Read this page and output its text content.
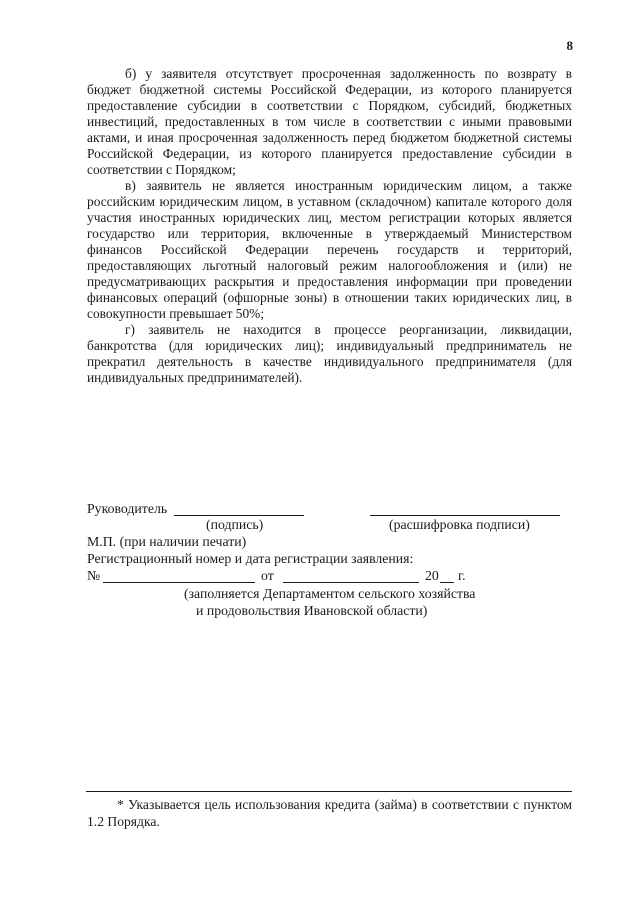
8

б) у заявителя отсутствует просроченная задолженность по возврату в бюджет бюджетной системы Российской Федерации, из которого планируется предоставление субсидии в соответствии с Порядком, субсидий, бюджетных инвестиций, предоставленных в том числе в соответствии с иными правовыми актами, и иная просроченная задолженность перед бюджетом бюджетной системы Российской Федерации, из которого планируется предоставление субсидии в соответствии с Порядком;

в) заявитель не является иностранным юридическим лицом, а также российским юридическим лицом, в уставном (складочном) капитале которого доля участия иностранных юридических лиц, местом регистрации которых является государство или территория, включенные в утверждаемый Министерством финансов Российской Федерации перечень государств и территорий, предоставляющих льготный налоговый режим налогообложения и (или) не предусматривающих раскрытия и предоставления информации при проведении финансовых операций (офшорные зоны) в отношении таких юридических лиц, в совокупности превышает 50%;

г) заявитель не находится в процессе реорганизации, ликвидации, банкротства (для юридических лиц); индивидуальный предприниматель не прекратил деятельность в качестве индивидуального предпринимателя (для индивидуальных предпринимателей).

Руководитель
(подпись)	(расшифровка подписи)
М.П. (при наличии печати)
Регистрационный номер и дата регистрации заявления:
№	от	20 г.
(заполняется Департаментом сельского хозяйства
и продовольствия Ивановской области)

* Указывается цель использования кредита (займа) в соответствии с пунктом 1.2 Порядка.
